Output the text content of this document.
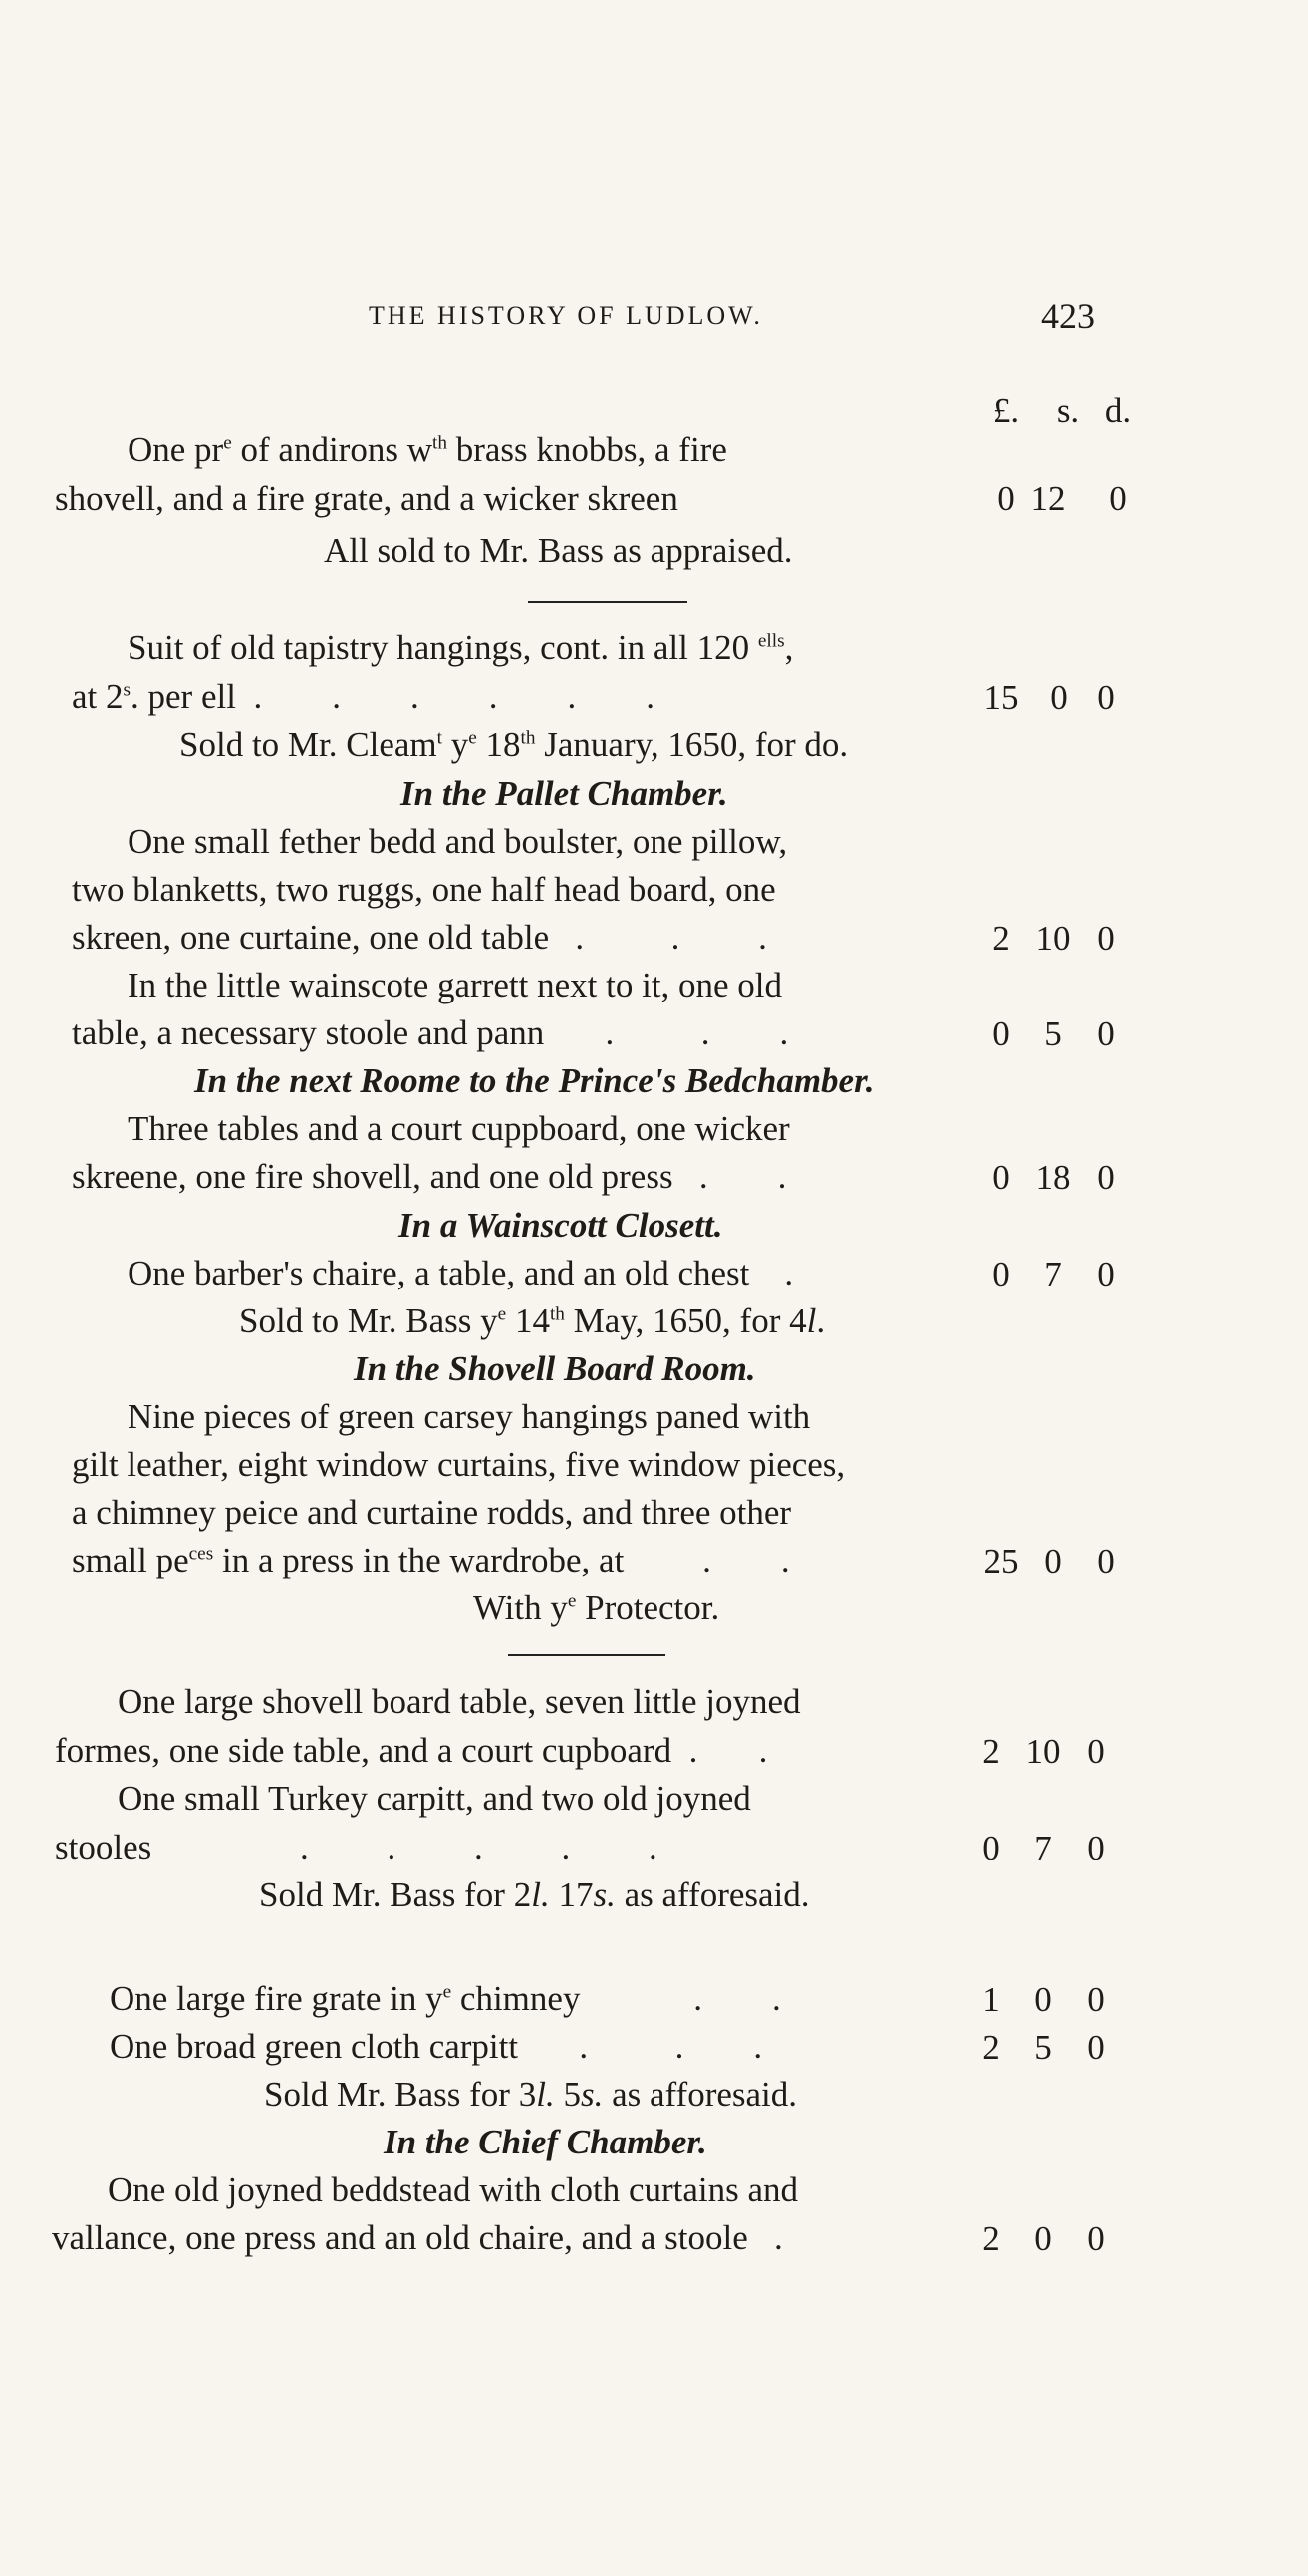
THE HISTORY OF LUDLOW.	423
£.	s. d.
One $pr^e$ of andirons $w^{th}$ brass knobbs, a fire
shovell, and a fire grate, and a wicker skreen	0 12	0
All sold to Mr. Bass as appraised.
Suit of old tapistry hangings, cont. in all 120 $^{ells}$,
at 2$^s$. per ell  .        .        .        .        .        .	15 0 0
Sold to Mr. Cleam$^t$ $y^e$ 18th January, 1650, for do.
In the Pallet Chamber.
One small fether bedd and boulster, one pillow,
two blanketts, two ruggs, one half head board, one
skreen, one curtaine, one old table   .          .         .	2 10 0
In the little wainscote garrett next to it, one old
table, a necessary stoole and pann       .          .        .	0 5	0
In the next Roome to the Prince's Bedchamber.
Three tables and a court cuppboard, one wicker
skreene, one fire shovell, and one old press   .        .	0 18 0
In a Wainscott Closett.
One barber's chaire, a table, and an old chest    .	0 7	0
Sold to Mr. Bass $y^e$ 14th May, 1650, for 4l.
In the Shovell Board Room.
Nine pieces of green carsey hangings paned with
gilt leather, eight window curtains, five window pieces,
a chimney peice and curtaine rodds, and three other
small $pe^{ces}$ in a press in the wardrobe, at         .        .	25 0	0
With $y^e$ Protector.
One large shovell board table, seven little joyned
formes, one side table, and a court cupboard  .       .	2 10 0
One small Turkey carpitt, and two old joyned
stooles                 .         .         .         .         .	0 7	0
Sold Mr. Bass for 2l. 17s. as afforesaid.
One large fire grate in $y^e$ chimney             .        .	1 0	0
One broad green cloth carpitt       .          .        .	2 5	0
Sold Mr. Bass for 3l. 5s. as afforesaid.
In the Chief Chamber.
One old joyned beddstead with cloth curtains and
vallance, one press and an old chaire, and a stoole   .	2 0	0
